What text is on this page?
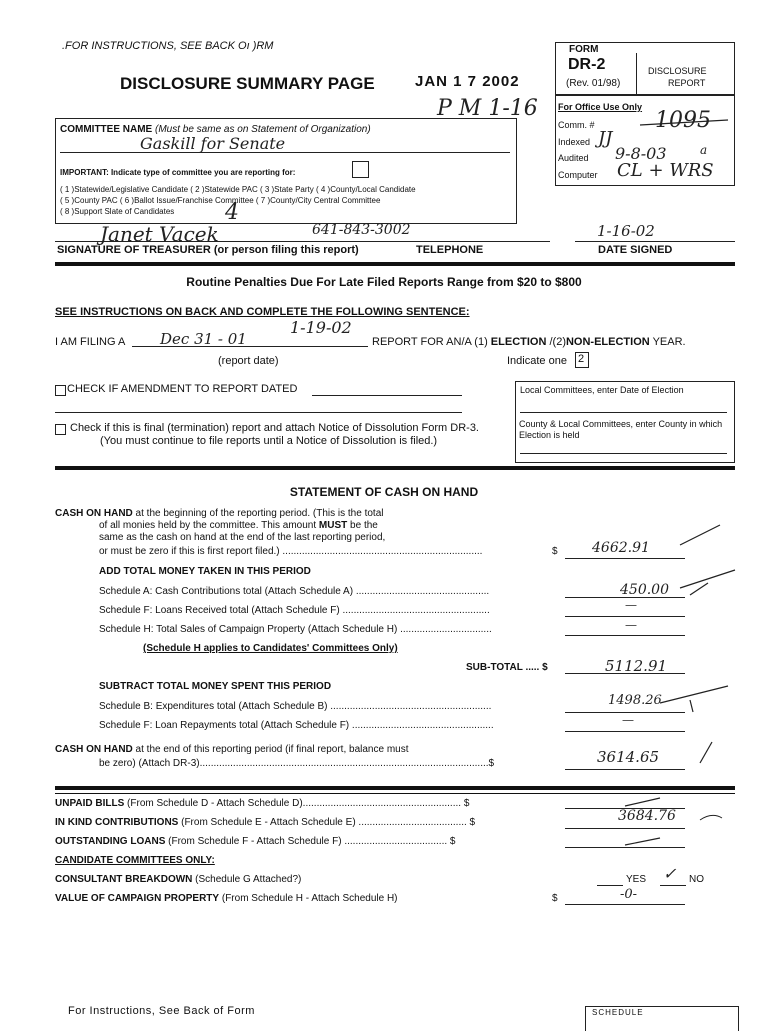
.FOR INSTRUCTIONS, SEE BACK Oı )RM
DISCLOSURE SUMMARY PAGE	JAN 1 7 2002
P M 1-16
FORM
DR-2
(Rev. 01/98)
DISCLOSURE
REPORT
For Office Use Only
Comm. #	1095
Indexed JJ
Audited 9-8-03	a
Computer CL + WRS
COMMITTEE NAME (Must be same as on Statement of Organization)
Gaskill for Senate
IMPORTANT: Indicate type of committee you are reporting for:
( 1 )Statewide/Legislative Candidate ( 2 )Statewide PAC ( 3 )State Party ( 4 )County/Local Candidate
( 5 )County PAC ( 6 )Ballot Issue/Franchise Committee ( 7 )County/City Central Committee
( 8 )Support Slate of Candidates 4
Janet Vacek	641-843-3002	1-16-02
SIGNATURE OF TREASURER (or person filing this report)	TELEPHONE	DATE SIGNED
Routine Penalties Due For Late Filed Reports Range from $20 to $800
SEE INSTRUCTIONS ON BACK AND COMPLETE THE FOLLOWING SENTENCE:
I AM FILING A Dec 31 - 01
1-19-02
REPORT FOR AN/A (1) ELECTION /(2)NON-ELECTION YEAR.
(report date)	Indicate one 2
CHECK IF AMENDMENT TO REPORT DATED
Check if this is final (termination) report and attach Notice of Dissolution Form DR-3.
(You must continue to file reports until a Notice of Dissolution is filed.)
Local Committees, enter Date of Election
County & Local Committees, enter County in which Election is held
STATEMENT OF CASH ON HAND
CASH ON HAND at the beginning of the reporting period. (This is the total
of all monies held by the committee. This amount MUST be the
same as the cash on hand at the end of the last reporting period,
or must be zero if this is first report filed.) ........................................................................	$ 4662.91
ADD TOTAL MONEY TAKEN IN THIS PERIOD
Schedule A: Cash Contributions total (Attach Schedule A) ................................................	450.00
Schedule F: Loans Received total (Attach Schedule F) .....................................................	—
Schedule H: Total Sales of Campaign Property (Attach Schedule H) .................................	—
(Schedule H applies to Candidates' Committees Only)
SUB-TOTAL ..... $	5112.91
SUBTRACT TOTAL MONEY SPENT THIS PERIOD
Schedule B: Expenditures total (Attach Schedule B) ..........................................................	1498.26
Schedule F: Loan Repayments total (Attach Schedule F) ...................................................	—
CASH ON HAND at the end of this reporting period (if final report, balance must
be zero) (Attach DR-3)........................................................................................................$	3614.65
UNPAID BILLS (From Schedule D - Attach Schedule D)......................................................... $
IN KIND CONTRIBUTIONS (From Schedule E - Attach Schedule E) ....................................... $	3684.76
OUTSTANDING LOANS (From Schedule F - Attach Schedule F) ..................................... $
CANDIDATE COMMITTEES ONLY:
CONSULTANT BREAKDOWN (Schedule G Attached?)	YES ✓ NO
VALUE OF CAMPAIGN PROPERTY (From Schedule H - Attach Schedule H)	$	-0-
For Instructions, See Back of Form	SCHEDULE
